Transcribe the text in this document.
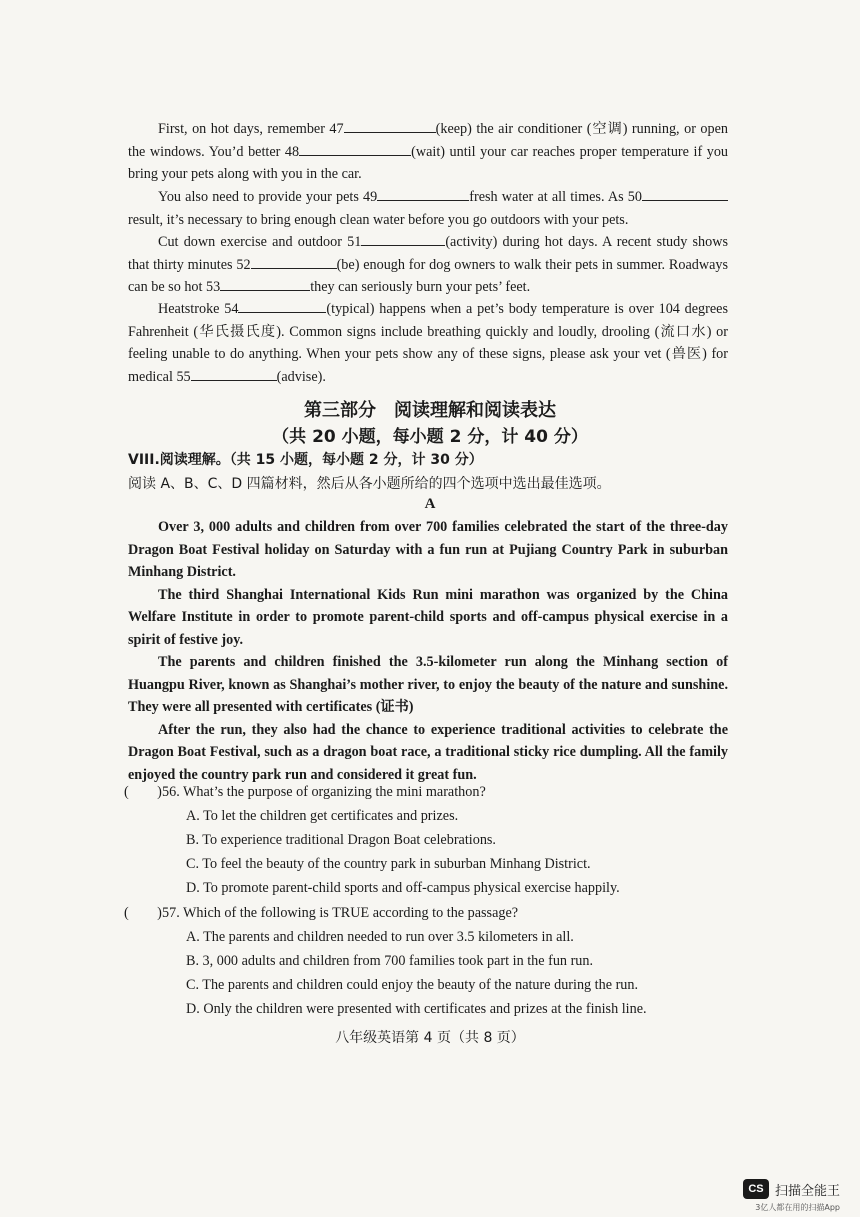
First, on hot days, remember 47	(keep) the air conditioner (空调) running, or open the windows. You’d better 48	(wait) until your car reaches proper temperature if you bring your pets along with you in the car.

You also need to provide your pets 49	fresh water at all times. As 50result, it’s necessary to bring enough clean water before you go outdoors with your pets.

Cut down exercise and outdoor 51	(activity) during hot days. A recent study shows that thirty minutes 52	(be) enough for dog owners to walk their pets in summer. Roadways can be so hot 53	they can seriously burn your pets’ feet.

Heatstroke 54	(typical) happens when a pet’s body temperature is over 104 degrees Fahrenheit (华氏摄氏度). Common signs include breathing quickly and loudly, drooling (流口水) or feeling unable to do anything. When your pets show any of these signs, please ask your vet (兽医) for medical 55	(advise).

第三部分　阅读理解和阅读表达
（共 20 小题，每小题 2 分，计 40 分）
VIII.阅读理解。（共 15 小题，每小题 2 分，计 30 分）
阅读 A、B、C、D 四篇材料，然后从各小题所给的四个选项中选出最佳选项。
A

Over 3, 000 adults and children from over 700 families celebrated the start of the three-day Dragon Boat Festival holiday on Saturday with a fun run at Pujiang Country Park in suburban Minhang District.

The third Shanghai International Kids Run mini marathon was organized by the China Welfare Institute in order to promote parent-child sports and off-campus physical exercise in a spirit of festive joy.

The parents and children finished the 3.5-kilometer run along the Minhang section of Huangpu River, known as Shanghai’s mother river, to enjoy the beauty of the nature and sunshine. They were all presented with certificates (证书)

After the run, they also had the chance to experience traditional activities to celebrate the Dragon Boat Festival, such as a dragon boat race, a traditional sticky rice dumpling. All the family enjoyed the country park run and considered it great fun.

(　　)56. What’s the purpose of organizing the mini marathon?
A. To let the children get certificates and prizes.
B. To experience traditional Dragon Boat celebrations.
C. To feel the beauty of the country park in suburban Minhang District.
D. To promote parent-child sports and off-campus physical exercise happily.
(　　)57. Which of the following is TRUE according to the passage?
A. The parents and children needed to run over 3.5 kilometers in all.
B. 3, 000 adults and children from 700 families took part in the fun run.
C. The parents and children could enjoy the beauty of the nature during the run.
D. Only the children were presented with certificates and prizes at the finish line.
八年级英语第 4 页（共 8 页）
CS 扫描全能王
3亿人都在用的扫描App
